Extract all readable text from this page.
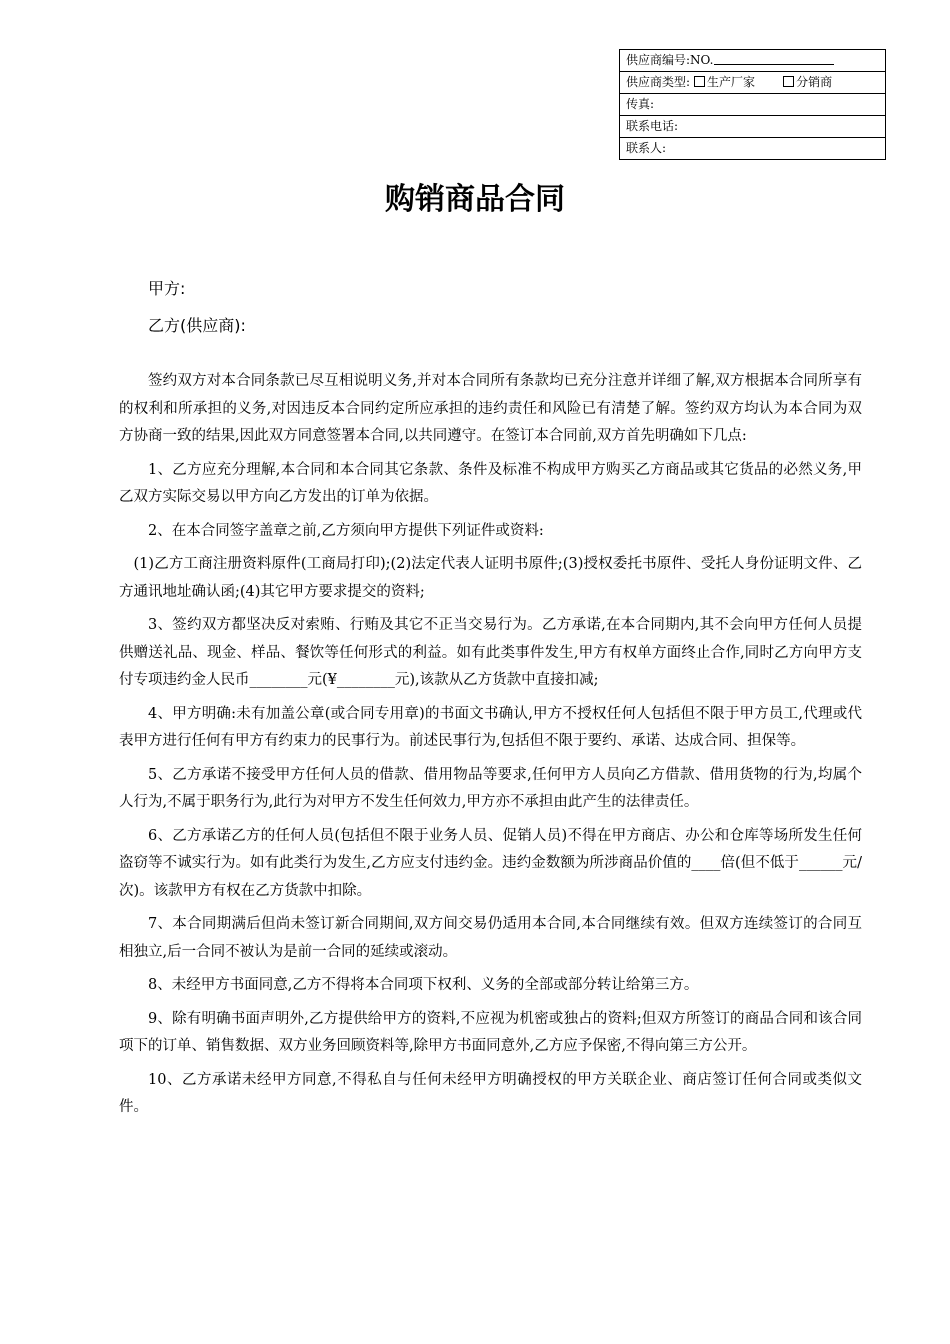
供应商编号:NO.
供应商类型: 生产厂家	分销商
传真:
联系电话:
联系人:
购销商品合同
甲方:
乙方(供应商):

签约双方对本合同条款已尽互相说明义务,并对本合同所有条款均已充分注意并详细了解,双方根据本合同所享有的权利和所承担的义务,对因违反本合同约定所应承担的违约责任和风险已有清楚了解。签约双方均认为本合同为双方协商一致的结果,因此双方同意签署本合同,以共同遵守。在签订本合同前,双方首先明确如下几点:

1、乙方应充分理解,本合同和本合同其它条款、条件及标准不构成甲方购买乙方商品或其它货品的必然义务,甲乙双方实际交易以甲方向乙方发出的订单为依据。

2、在本合同签字盖章之前,乙方须向甲方提供下列证件或资料:

(1)乙方工商注册资料原件(工商局打印);(2)法定代表人证明书原件;(3)授权委托书原件、受托人身份证明文件、乙方通讯地址确认函;(4)其它甲方要求提交的资料;

3、签约双方都坚决反对索贿、行贿及其它不正当交易行为。乙方承诺,在本合同期内,其不会向甲方任何人员提供赠送礼品、现金、样品、餐饮等任何形式的利益。如有此类事件发生,甲方有权单方面终止合作,同时乙方向甲方支付专项违约金人民币________元(¥________元),该款从乙方货款中直接扣减;

4、甲方明确:未有加盖公章(或合同专用章)的书面文书确认,甲方不授权任何人包括但不限于甲方员工,代理或代表甲方进行任何有甲方有约束力的民事行为。前述民事行为,包括但不限于要约、承诺、达成合同、担保等。

5、乙方承诺不接受甲方任何人员的借款、借用物品等要求,任何甲方人员向乙方借款、借用货物的行为,均属个人行为,不属于职务行为,此行为对甲方不发生任何效力,甲方亦不承担由此产生的法律责任。

6、乙方承诺乙方的任何人员(包括但不限于业务人员、促销人员)不得在甲方商店、办公和仓库等场所发生任何盗窃等不诚实行为。如有此类行为发生,乙方应支付违约金。违约金数额为所涉商品价值的____倍(但不低于______元/次)。该款甲方有权在乙方货款中扣除。

7、本合同期满后但尚未签订新合同期间,双方间交易仍适用本合同,本合同继续有效。但双方连续签订的合同互相独立,后一合同不被认为是前一合同的延续或滚动。

8、未经甲方书面同意,乙方不得将本合同项下权利、义务的全部或部分转让给第三方。

9、除有明确书面声明外,乙方提供给甲方的资料,不应视为机密或独占的资料;但双方所签订的商品合同和该合同项下的订单、销售数据、双方业务回顾资料等,除甲方书面同意外,乙方应予保密,不得向第三方公开。

10、乙方承诺未经甲方同意,不得私自与任何未经甲方明确授权的甲方关联企业、商店签订任何合同或类似文件。
